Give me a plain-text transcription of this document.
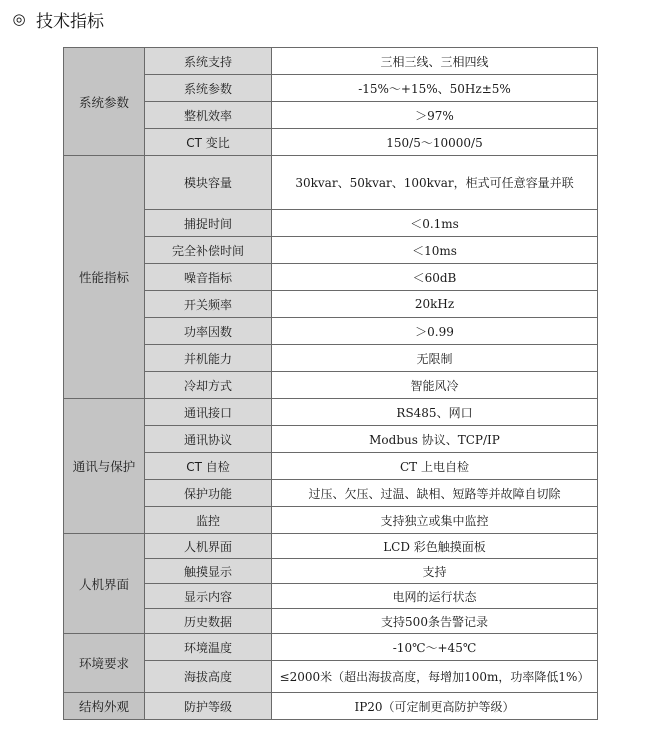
◎ 技术指标
系统参数	系统支持	三相三线、三相四线
	系统参数	-15%～+15%、50Hz±5%
	整机效率	＞97%
	CT 变比	150/5～10000/5
性能指标	模块容量	30kvar、50kvar、100kvar，柜式可任意容量并联
	捕捉时间	＜0.1ms
	完全补偿时间	＜10ms
	噪音指标	＜60dB
	开关频率	20kHz
	功率因数	＞0.99
	并机能力	无限制
	冷却方式	智能风冷
通讯与保护	通讯接口	RS485、网口
	通讯协议	Modbus 协议、TCP/IP
	CT 自检	CT 上电自检
	保护功能	过压、欠压、过温、缺相、短路等并故障自切除
	监控	支持独立或集中监控
人机界面	人机界面	LCD 彩色触摸面板
	触摸显示	支持
	显示内容	电网的运行状态
	历史数据	支持500条告警记录
环境要求	环境温度	-10℃～+45℃
	海拔高度	≤2000米（超出海拔高度，每增加100m，功率降低1%）
结构外观	防护等级	IP20（可定制更高防护等级）
